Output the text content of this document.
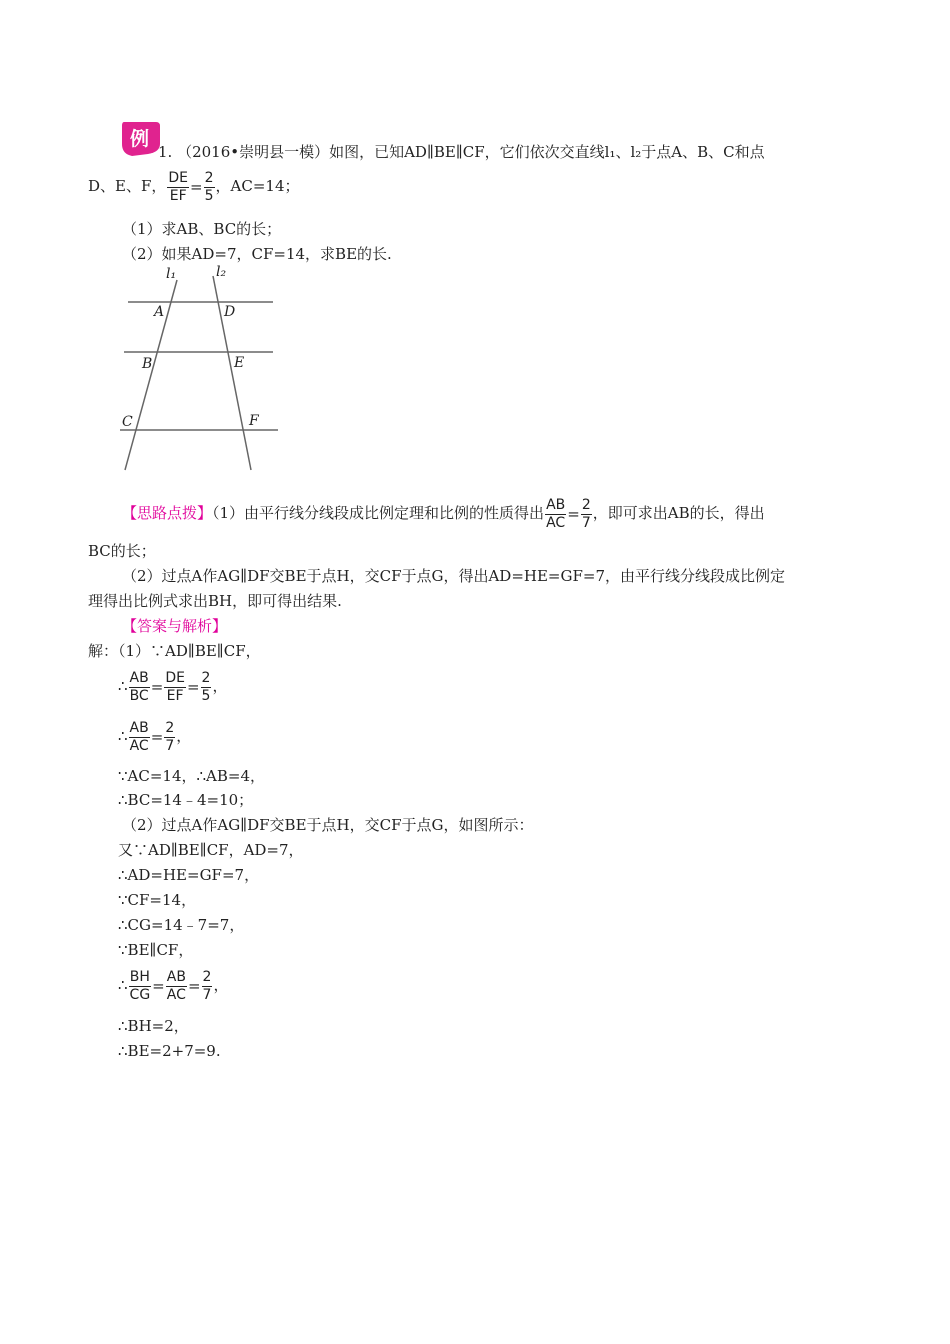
例
1. （2016•崇明县一模）如图，已知AD∥BE∥CF，它们依次交直线l₁、l₂于点A、B、C和点
D、E、F， $\frac{DE}{EF} = \frac{2}{5}$ ，AC=14；
（1）求AB、BC的长；
（2）如果AD=7，CF=14，求BE的长.
l₁	l₂
A	D
B	E
C	F
【思路点拨】（1）由平行线分线段成比例定理和比例的性质得出 $\frac{AB}{AC} = \frac{2}{7}$ ，即可求出AB的长，得出
BC的长；
（2）过点A作AG∥DF交BE于点H，交CF于点G，得出AD=HE=GF=7，由平行线分线段成比例定
理得出比例式求出BH，即可得出结果.
【答案与解析】
解：（1）∵AD∥BE∥CF，
∴ $\frac{AB}{BC} = \frac{DE}{EF} = \frac{2}{5}$ ，
∴ $\frac{AB}{AC} = \frac{2}{7}$ ，
∵AC=14，∴AB=4，
∴BC=14﹣4=10；
（2）过点A作AG∥DF交BE于点H，交CF于点G，如图所示：
又∵AD∥BE∥CF，AD=7，
∴AD=HE=GF=7，
∵CF=14，
∴CG=14﹣7=7，
∵BE∥CF，
∴ $\frac{BH}{CG} = \frac{AB}{AC} = \frac{2}{7}$ ，
∴BH=2，
∴BE=2+7=9.
